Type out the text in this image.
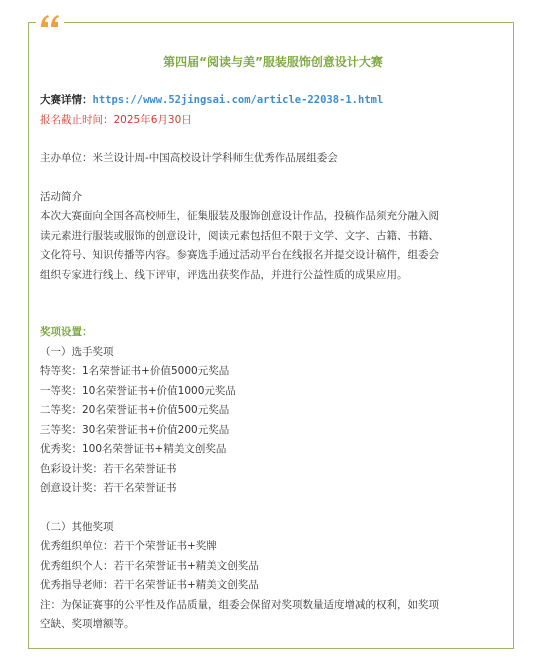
第四届“阅读与美”服装服饰创意设计大赛
大赛详情：https://www.52jingsai.com/article-22038-1.html
报名截止时间：2025年6月30日
主办单位：米兰设计周-中国高校设计学科师生优秀作品展组委会
活动简介
本次大赛面向全国各高校师生，征集服装及服饰创意设计作品，投稿作品须充分融入阅
读元素进行服装或服饰的创意设计，阅读元素包括但不限于文学、文字、古籍、书籍、
文化符号、知识传播等内容。参赛选手通过活动平台在线报名并提交设计稿件，组委会
组织专家进行线上、线下评审，评选出获奖作品，并进行公益性质的成果应用。
奖项设置：
（一）选手奖项
特等奖：1名荣誉证书+价值5000元奖品
一等奖：10名荣誉证书+价值1000元奖品
二等奖：20名荣誉证书+价值500元奖品
三等奖：30名荣誉证书+价值200元奖品
优秀奖：100名荣誉证书+精美文创奖品
色彩设计奖：若干名荣誉证书
创意设计奖：若干名荣誉证书
（二）其他奖项
优秀组织单位：若干个荣誉证书+奖牌
优秀组织个人：若干名荣誉证书+精美文创奖品
优秀指导老师：若干名荣誉证书+精美文创奖品
注：为保证赛事的公平性及作品质量，组委会保留对奖项数量适度增减的权利，如奖项
空缺、奖项增额等。
